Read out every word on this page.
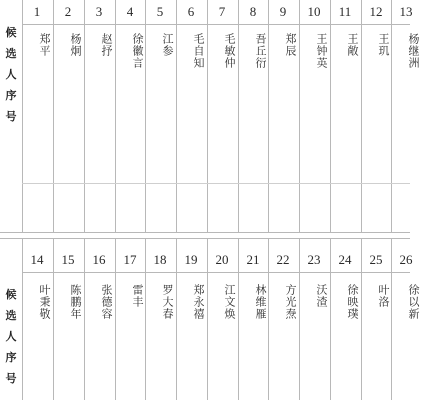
候
选
人
序
号
1
郑平
2
杨炯
3
赵抒
4
徐徽言
5
江参
6
毛自知
7
毛敏仲
8
吾丘衍
9
郑辰
10
王钟英
11
王敞
12
王玑
13
杨继洲
候
选
人
序
号
14
叶秉敬
15
陈鹏年
16
张德容
17
雷丰
18
罗大春
19
郑永禧
20
江文焕
21
林维雁
22
方光焘
23
沃渣
24
徐映璞
25
叶洛
26
徐以新
